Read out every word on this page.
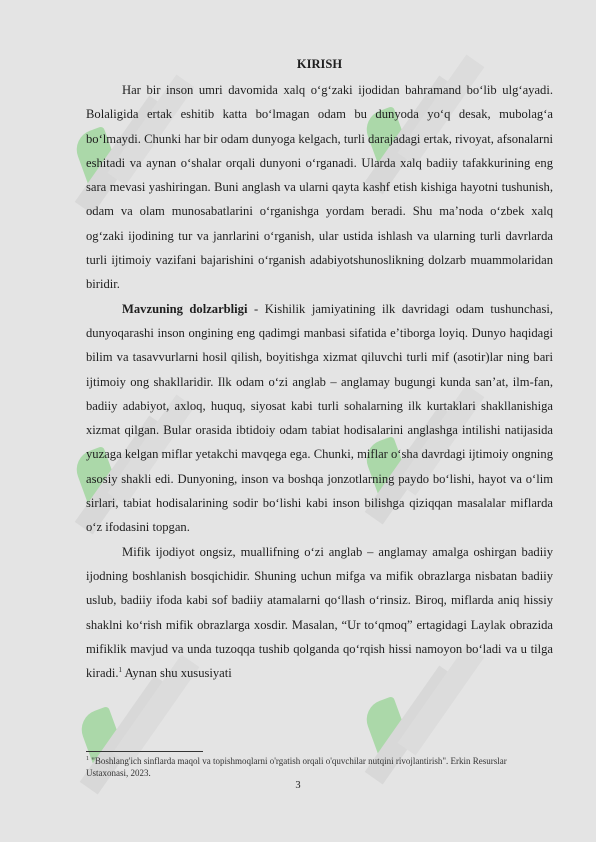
KIRISH

Har bir inson umri davomida xalq oʻgʻzaki ijodidan bahramand boʻlib ulgʻayadi. Bolaligida ertak eshitib katta boʻlmagan odam bu dunyoda yoʻq desak, mubolagʻa boʻlmaydi. Chunki har bir odam dunyoga kelgach, turli darajadagi ertak, rivoyat, afsonalarni eshitadi va aynan oʻshalar orqali dunyoni oʻrganadi. Ularda xalq badiiy tafakkurining eng sara mevasi yashiringan. Buni anglash va ularni qayta kashf etish kishiga hayotni tushunish, odam va olam munosabatlarini oʻrganishga yordam beradi. Shu maʼnoda oʻzbek xalq ogʻzaki ijodining tur va janrlarini oʻrganish, ular ustida ishlash va ularning turli davrlarda turli ijtimoiy vazifani bajarishini oʻrganish adabiyotshunoslikning dolzarb muammolaridan biridir.

Mavzuning dolzarbligi - Kishilik jamiyatining ilk davridagi odam tushunchasi, dunyoqarashi inson ongining eng qadimgi manbasi sifatida eʼtiborga loyiq. Dunyo haqidagi bilim va tasavvurlarni hosil qilish, boyitishga xizmat qiluvchi turli mif (asotir)lar ning bari ijtimoiy ong shakllaridir. Ilk odam oʻzi anglab – anglamay bugungi kunda sanʼat, ilm-fan, badiiy adabiyot, axloq, huquq, siyosat kabi turli sohalarning ilk kurtaklari shakllanishiga xizmat qilgan. Bular orasida ibtidoiy odam tabiat hodisalarini anglashga intilishi natijasida yuzaga kelgan miflar yetakchi mavqega ega. Chunki, miflar oʻsha davrdagi ijtimoiy ongning asosiy shakli edi. Dunyoning, inson va boshqa jonzotlarning paydo boʻlishi, hayot va oʻlim sirlari, tabiat hodisalarining sodir boʻlishi kabi inson bilishga qiziqqan masalalar miflarda oʻz ifodasini topgan.

Mifik ijodiyot ongsiz, muallifning oʻzi anglab – anglamay amalga oshirgan badiiy ijodning boshlanish bosqichidir. Shuning uchun mifga va mifik obrazlarga nisbatan badiiy uslub, badiiy ifoda kabi sof badiiy atamalarni qoʻllash oʻrinsiz. Biroq, miflarda aniq hissiy shaklni koʻrish mifik obrazlarga xosdir. Masalan, “Ur toʻqmoq” ertagidagi Laylak obrazida mifiklik mavjud va unda tuzoqqa tushib qolganda qoʻrqish hissi namoyon boʻladi va u tilga kiradi.$^1$ Aynan shu xususiyati

$^1$ "Boshlang'ich sinflarda maqol va topishmoqlarni o'rgatish orqali o'quvchilar nutqini rivojlantirish". Erkin Resurslar Ustaxonasi, 2023.
3
